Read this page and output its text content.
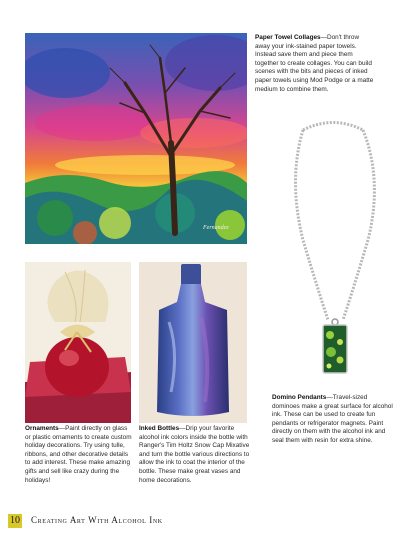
Fernandez
Paper Towel Collages—Don't throw away your ink-stained paper towels. Instead save them and piece them together to create collages. You can build scenes with the bits and pieces of inked paper towels using Mod Podge or a matte medium to combine them.
Domino Pendants—Travel-sized dominoes make a great surface for alcohol ink. These can be used to create fun pendants or refrigerator magnets. Paint directly on them with the alcohol ink and seal them with resin for extra shine.
Ornaments—Paint directly on glass or plastic ornaments to create custom holiday decorations. Try using tulle, ribbons, and other decorative details to add interest. These make amazing gifts and sell like crazy during the holidays!
Inked Bottles—Drip your favorite alcohol ink colors inside the bottle with Ranger's Tim Holtz Snow Cap Mixative and turn the bottle various directions to allow the ink to coat the interior of the bottle. These make great vases and home decorations.
10 Creating Art With Alcohol Ink
